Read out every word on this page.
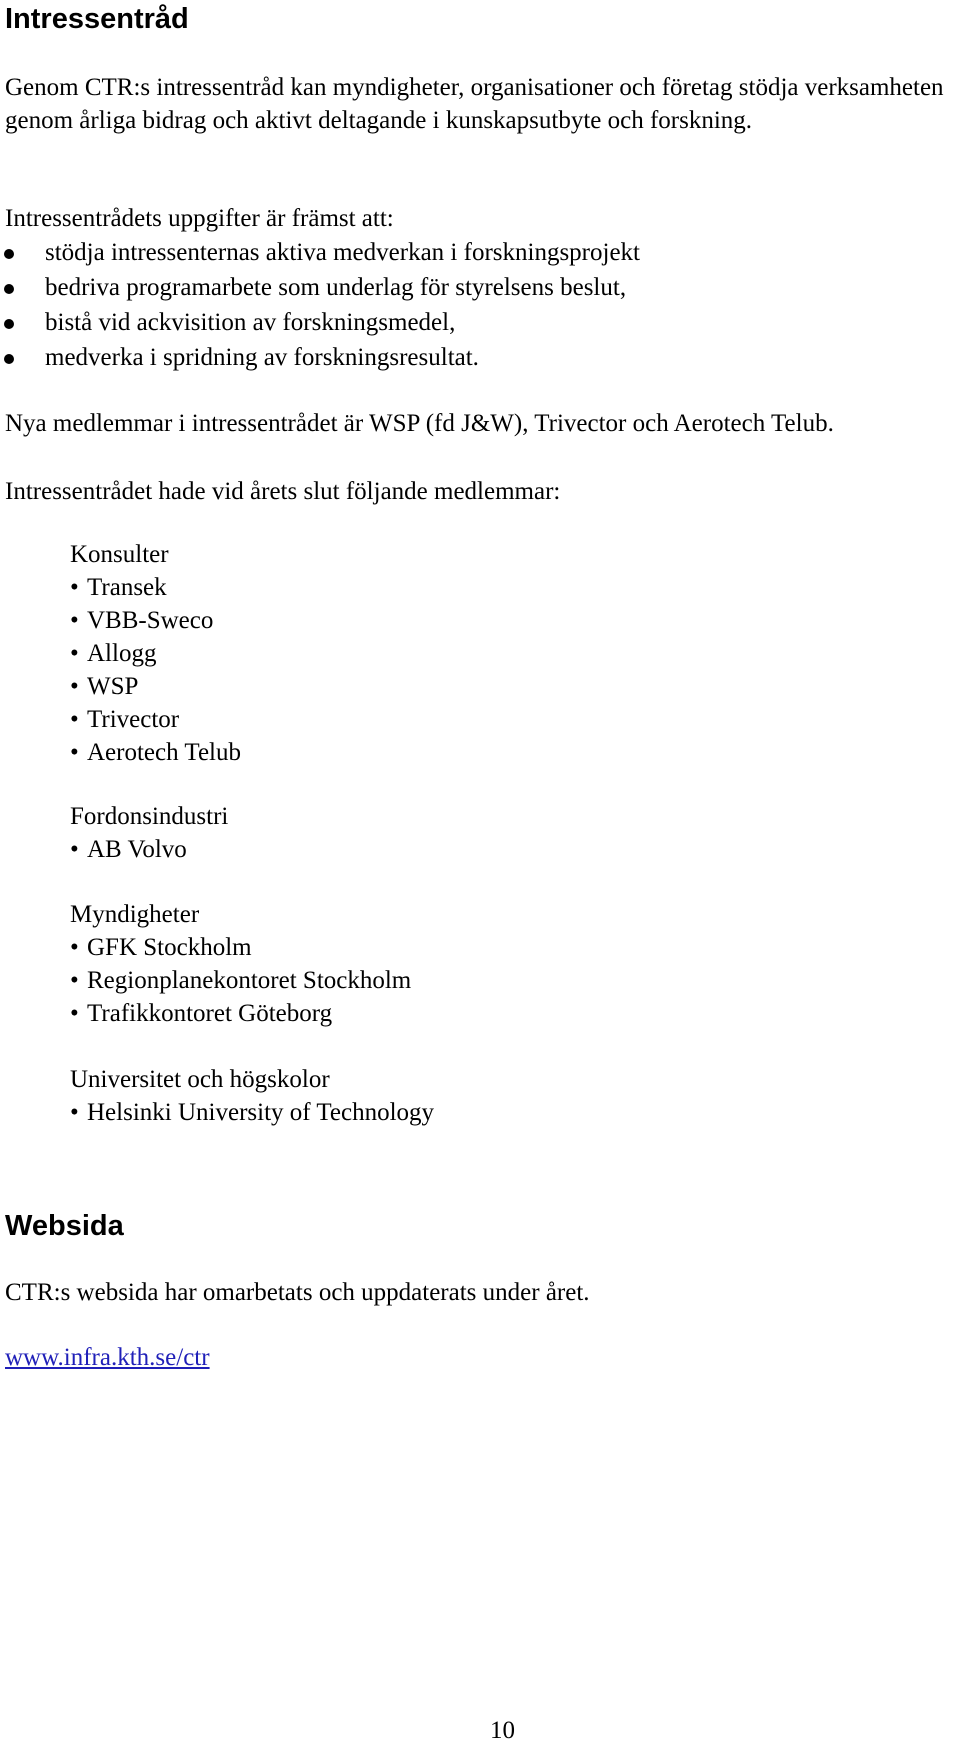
Intressentråd

Genom CTR:s intressentråd kan myndigheter, organisationer och företag stödja verksamheten genom årliga bidrag och aktivt deltagande i kunskapsutbyte och forskning.

Intressentrådets uppgifter är främst att:

stödja intressenternas aktiva medverkan i forskningsprojekt
bedriva programarbete som underlag för styrelsens beslut,
bistå vid ackvisition av forskningsmedel,
medverka i spridning av forskningsresultat.

Nya medlemmar i intressentrådet är WSP (fd J&W), Trivector och Aerotech Telub.

Intressentrådet hade vid årets slut följande medlemmar:

Konsulter
• Transek
• VBB-Sweco
• Allogg
• WSP
• Trivector
• Aerotech Telub
Fordonsindustri
• AB Volvo
Myndigheter
• GFK Stockholm
• Regionplanekontoret Stockholm
• Trafikkontoret Göteborg
Universitet och högskolor
• Helsinki University of Technology
Websida

CTR:s websida har omarbetats och uppdaterats under året.

www.infra.kth.se/ctr

10
